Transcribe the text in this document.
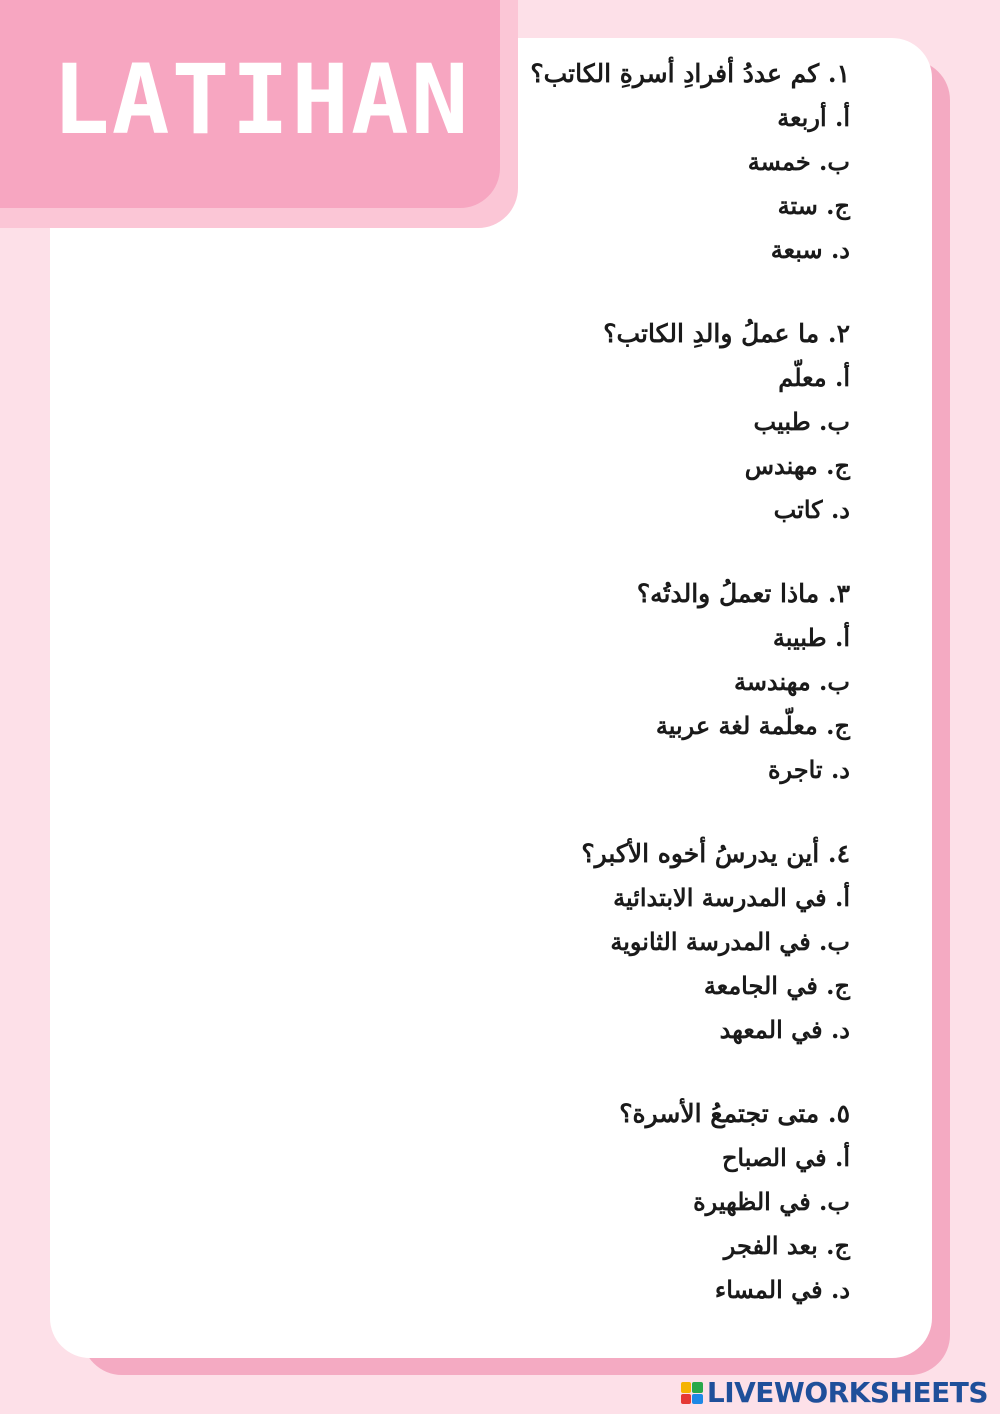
LATIHAN	١. كم عددُ أفرادِ أسرةِ الكاتب؟
أ. أربعة
ب. خمسة
ج. ستة
د. سبعة
٢. ما عملُ والدِ الكاتب؟
أ. معلّم
ب. طبيب
ج. مهندس
د. كاتب
٣. ماذا تعملُ والدتُه؟
أ. طبيبة
ب. مهندسة
ج. معلّمة لغة عربية
د. تاجرة
٤. أين يدرسُ أخوه الأكبر؟
أ. في المدرسة الابتدائية
ب. في المدرسة الثانوية
ج. في الجامعة
د. في المعهد
٥. متى تجتمعُ الأسرة؟
أ. في الصباح
ب. في الظهيرة
ج. بعد الفجر
د. في المساء
LIVEWORKSHEETS
